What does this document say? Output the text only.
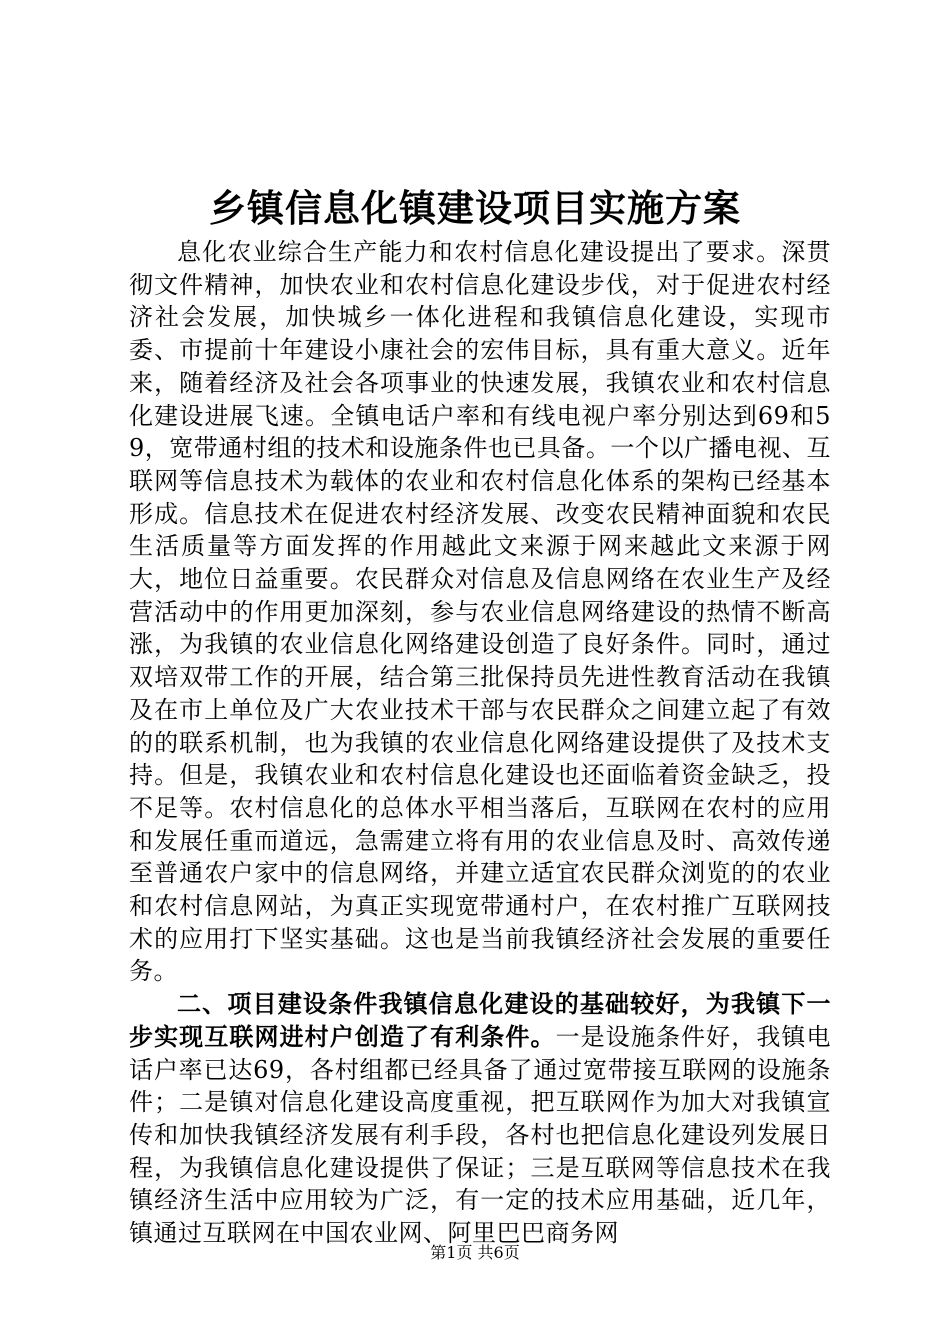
乡镇信息化镇建设项目实施方案

息化农业综合生产能力和农村信息化建设提出了要求。深贯彻文件精神，加快农业和农村信息化建设步伐，对于促进农村经济社会发展，加快城乡一体化进程和我镇信息化建设，实现市委、市提前十年建设小康社会的宏伟目标，具有重大意义。近年来，随着经济及社会各项事业的快速发展，我镇农业和农村信息化建设进展飞速。全镇电话户率和有线电视户率分别达到69和59，宽带通村组的技术和设施条件也已具备。一个以广播电视、互联网等信息技术为载体的农业和农村信息化体系的架构已经基本形成。信息技术在促进农村经济发展、改变农民精神面貌和农民生活质量等方面发挥的作用越此文来源于网来越此文来源于网大，地位日益重要。农民群众对信息及信息网络在农业生产及经营活动中的作用更加深刻，参与农业信息网络建设的热情不断高涨，为我镇的农业信息化网络建设创造了良好条件。同时，通过双培双带工作的开展，结合第三批保持员先进性教育活动在我镇及在市上单位及广大农业技术干部与农民群众之间建立起了有效的的联系机制，也为我镇的农业信息化网络建设提供了及技术支持。但是，我镇农业和农村信息化建设也还面临着资金缺乏，投不足等。农村信息化的总体水平相当落后，互联网在农村的应用和发展任重而道远，急需建立将有用的农业信息及时、高效传递至普通农户家中的信息网络，并建立适宜农民群众浏览的的农业和农村信息网站，为真正实现宽带通村户，在农村推广互联网技术的应用打下坚实基础。这也是当前我镇经济社会发展的重要任务。

二、项目建设条件我镇信息化建设的基础较好，为我镇下一步实现互联网进村户创造了有利条件。一是设施条件好，我镇电话户率已达69，各村组都已经具备了通过宽带接互联网的设施条件；二是镇对信息化建设高度重视，把互联网作为加大对我镇宣传和加快我镇经济发展有利手段，各村也把信息化建设列发展日程，为我镇信息化建设提供了保证；三是互联网等信息技术在我镇经济生活中应用较为广泛，有一定的技术应用基础，近几年，镇通过互联网在中国农业网、阿里巴巴商务网

第1页 共6页
